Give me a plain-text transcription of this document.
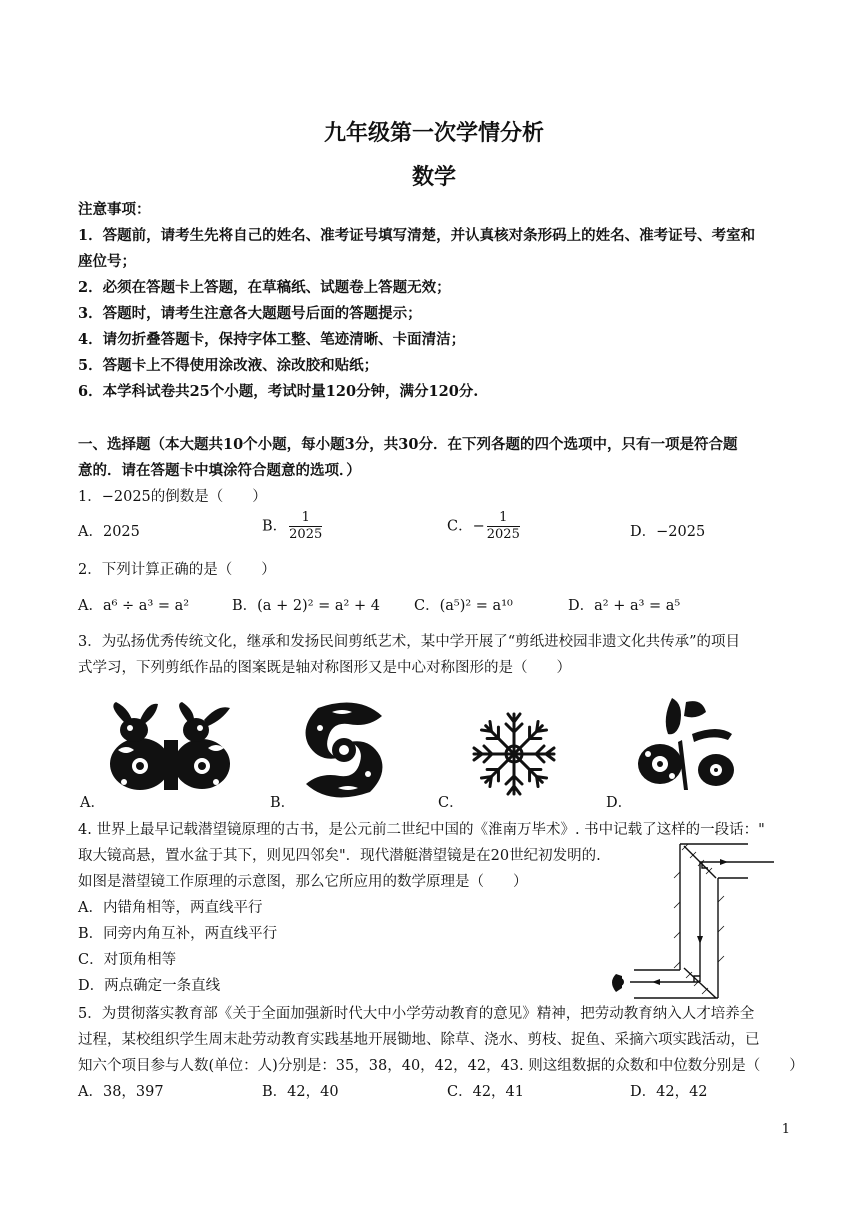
九年级第一次学情分析
数学
注意事项：
1．答题前，请考生先将自己的姓名、准考证号填写清楚，并认真核对条形码上的姓名、准考证号、考室和
座位号；
2．必须在答题卡上答题，在草稿纸、试题卷上答题无效；
3．答题时，请考生注意各大题题号后面的答题提示；
4．请勿折叠答题卡，保持字体工整、笔迹清晰、卡面清洁；
5．答题卡上不得使用涂改液、涂改胶和贴纸；
6．本学科试卷共25个小题，考试时量120分钟，满分120分.
一、选择题（本大题共10个小题，每小题3分，共30分．在下列各题的四个选项中，只有一项是符合题
意的．请在答题卡中填涂符合题意的选项．）
1．−2025的倒数是（　　）
A．2025	B． $\frac{1}{2025}$	C．− $\frac{1}{2025}$	D．−2025
2．下列计算正确的是（　　）
A．a⁶ ÷ a³ = a²	B．(a + 2)² = a² + 4 C．(a⁵)² = a¹⁰	D．a² + a³ = a⁵
3．为弘扬优秀传统文化，继承和发扬民间剪纸艺术，某中学开展了“剪纸进校园非遗文化共传承”的项目
式学习，下列剪纸作品的图案既是轴对称图形又是中心对称图形的是（　　）
A．	B．	C．	D．
4. 世界上最早记载潜望镜原理的古书，是公元前二世纪中国的《淮南万毕术》. 书中记载了这样的一段话："
取大镜高悬，置水盆于其下，则见四邻矣"．现代潜艇潜望镜是在20世纪初发明的.
如图是潜望镜工作原理的示意图，那么它所应用的数学原理是（　　）
A．内错角相等，两直线平行
B．同旁内角互补，两直线平行
C．对顶角相等
D．两点确定一条直线
5．为贯彻落实教育部《关于全面加强新时代大中小学劳动教育的意见》精神，把劳动教育纳入人才培养全
过程，某校组织学生周末赴劳动教育实践基地开展锄地、除草、浇水、剪枝、捉鱼、采摘六项实践活动，已
知六个项目参与人数(单位：人)分别是：35，38，40，42，42，43. 则这组数据的众数和中位数分别是（　　）
A．38，397	B．42，40	C．42，41	D．42，42
1
